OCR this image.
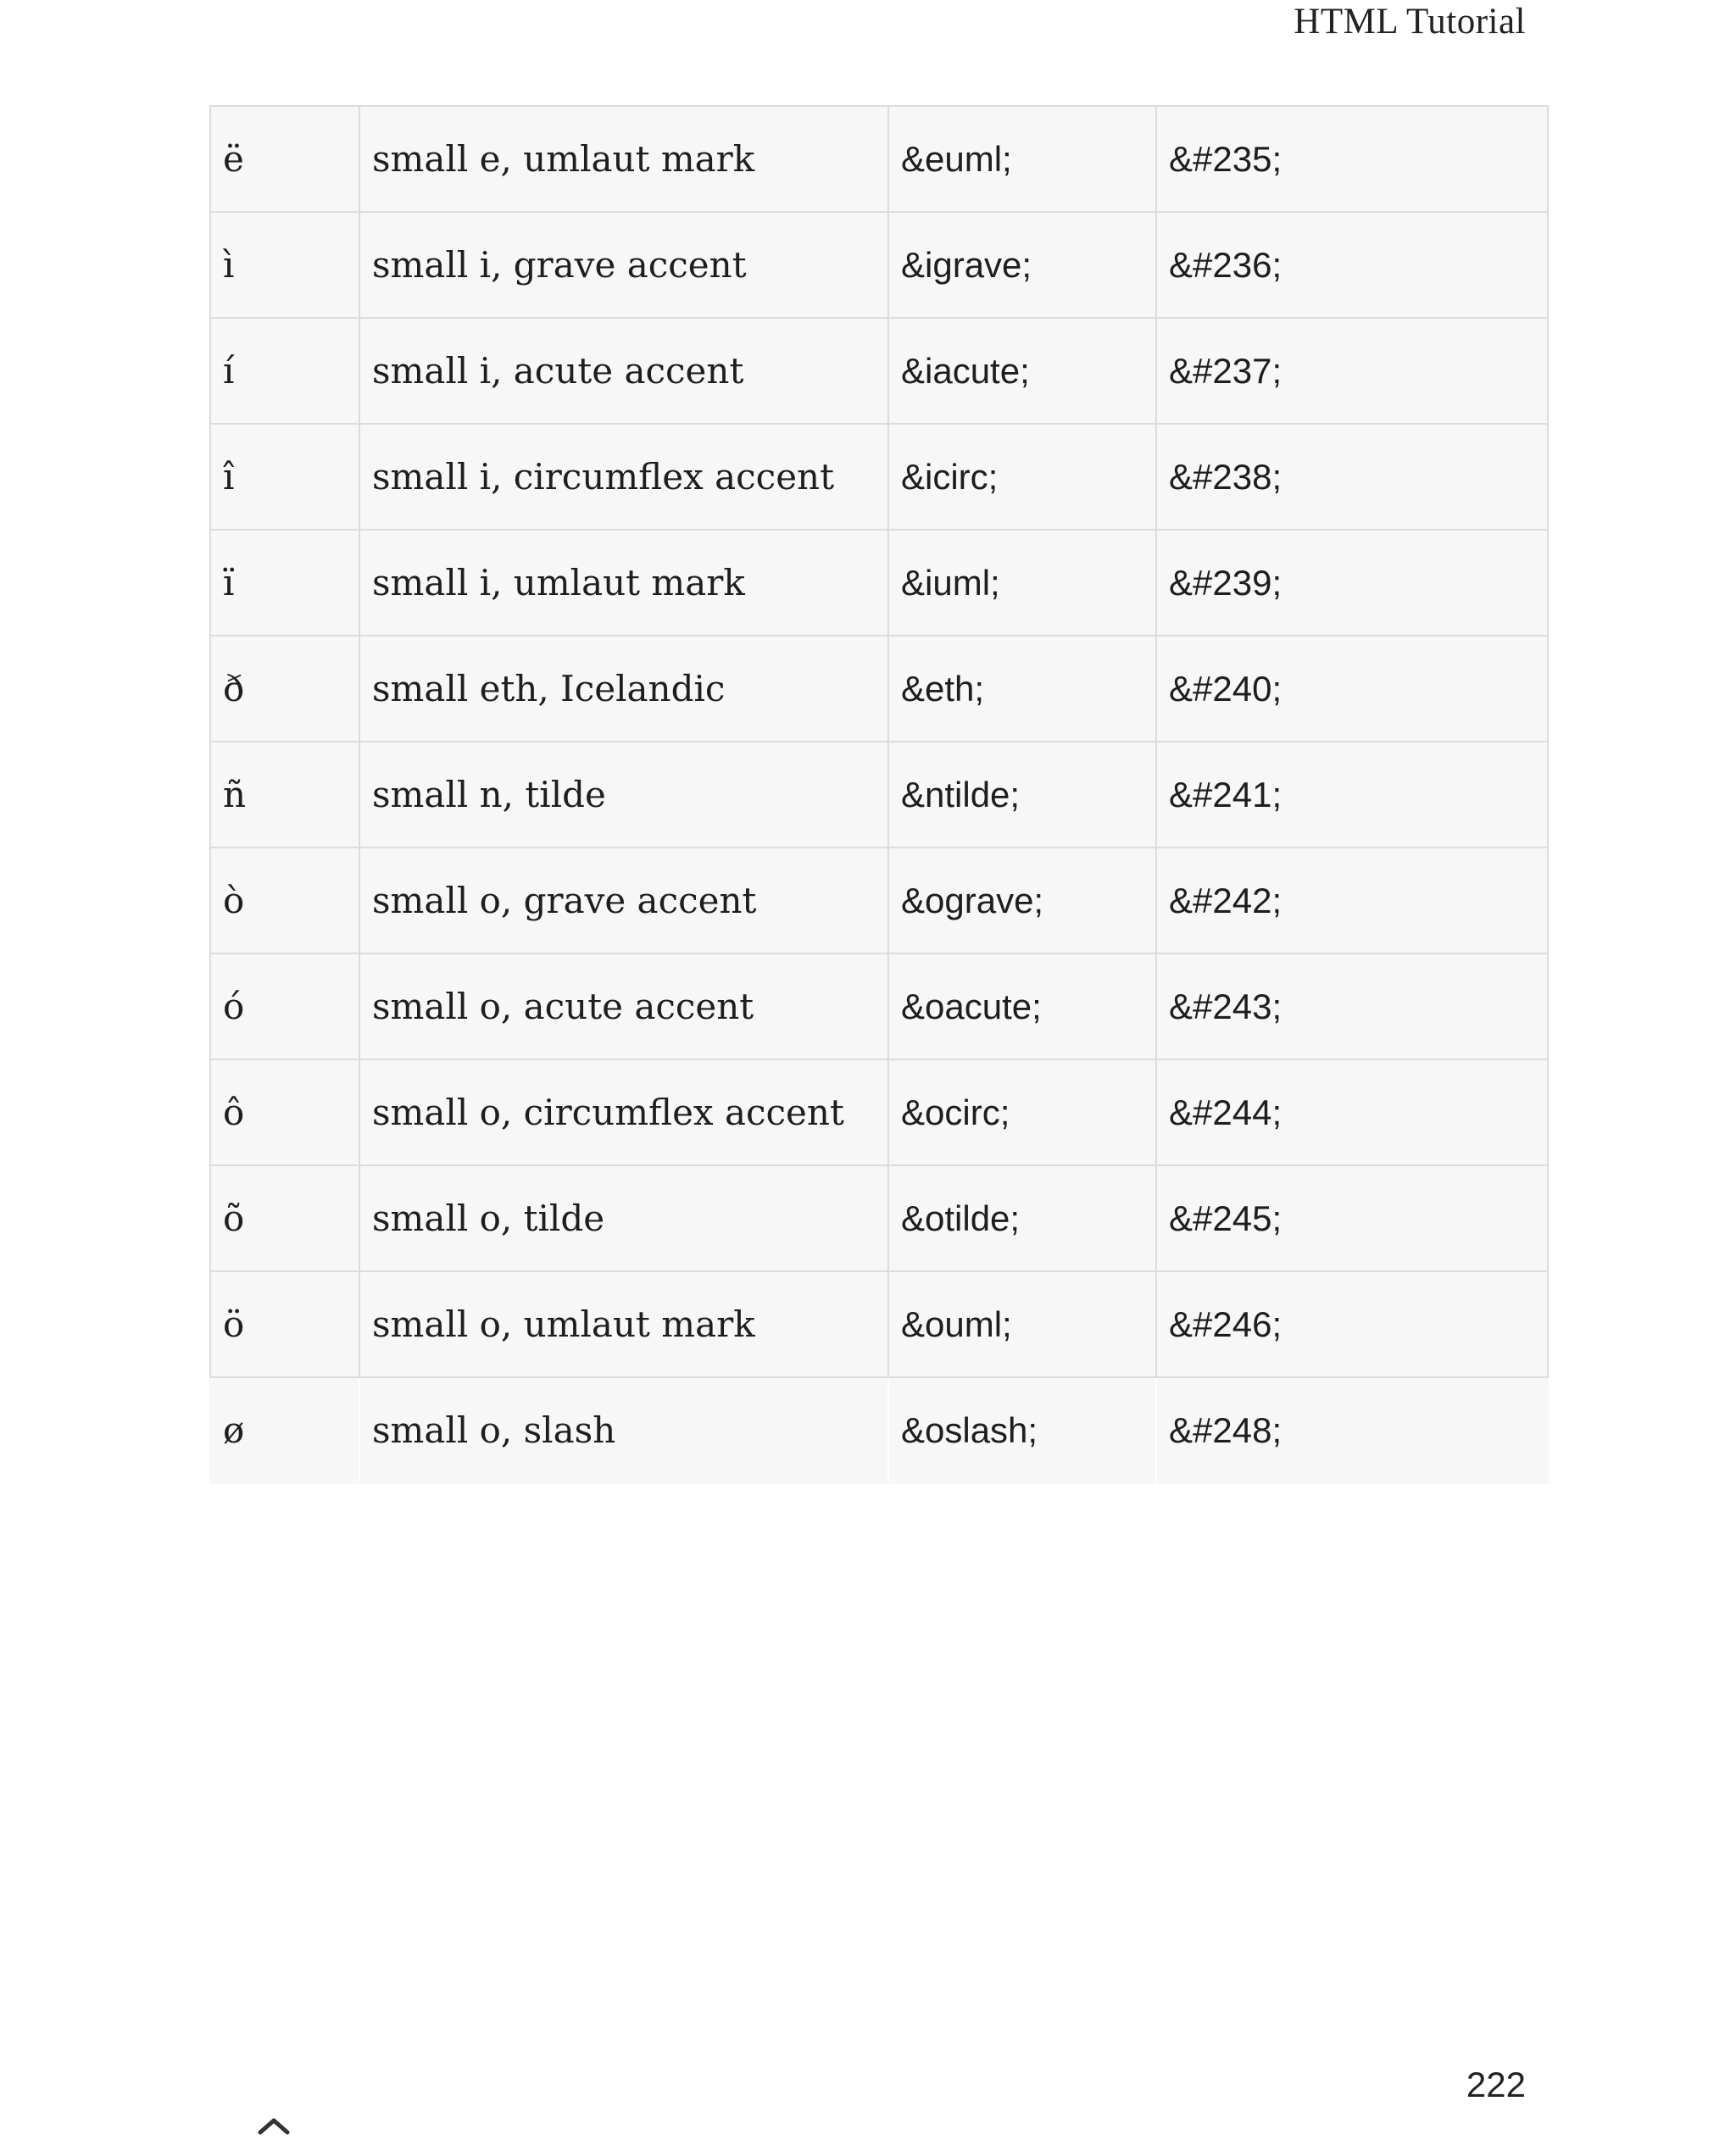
HTML Tutorial
ë	small e, umlaut mark	&euml;	&#235;
ì	small i, grave accent	&igrave;	&#236;
í	small i, acute accent	&iacute;	&#237;
î	small i, circumflex accent	&icirc;	&#238;
ï	small i, umlaut mark	&iuml;	&#239;
ð	small eth, Icelandic	&eth;	&#240;
ñ	small n, tilde	&ntilde;	&#241;
ò	small o, grave accent	&ograve;	&#242;
ó	small o, acute accent	&oacute;	&#243;
ô	small o, circumflex accent	&ocirc;	&#244;
õ	small o, tilde	&otilde;	&#245;
ö	small o, umlaut mark	&ouml;	&#246;
ø	small o, slash	&oslash;	&#248;
222
